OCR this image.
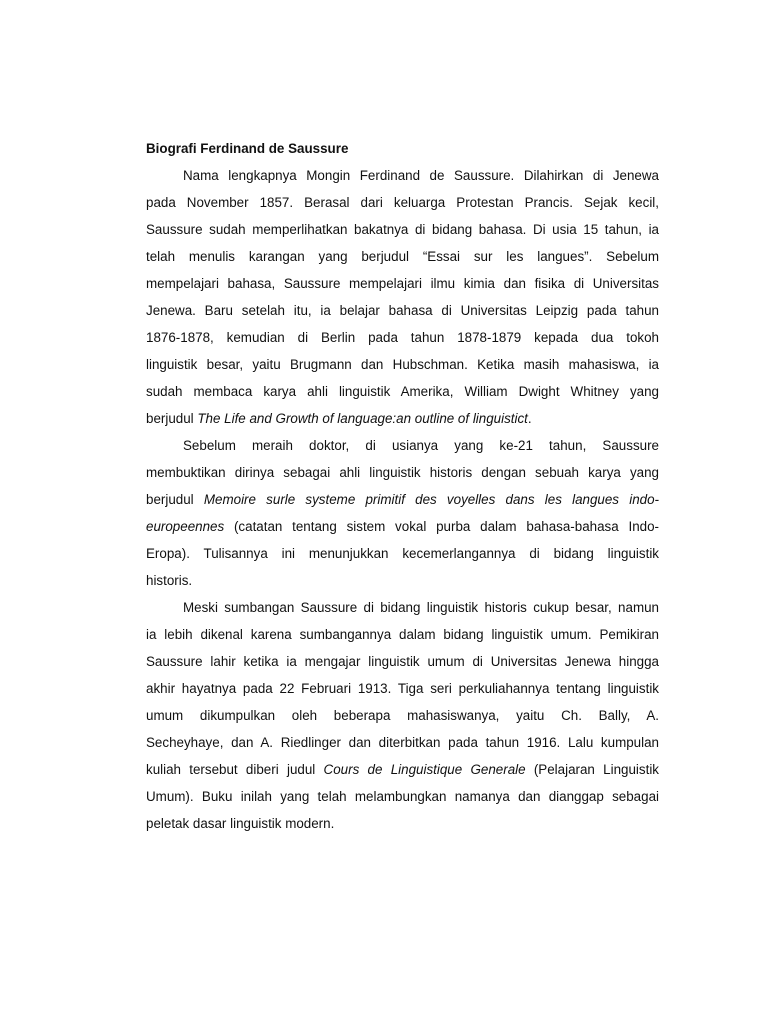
Biografi Ferdinand de Saussure
Nama lengkapnya Mongin Ferdinand de Saussure. Dilahirkan di Jenewa
pada November 1857. Berasal dari keluarga Protestan Prancis. Sejak kecil,
Saussure sudah memperlihatkan bakatnya di bidang bahasa. Di usia 15 tahun, ia
telah menulis karangan yang berjudul “Essai sur les langues”. Sebelum
mempelajari bahasa, Saussure mempelajari ilmu kimia dan fisika di Universitas
Jenewa. Baru setelah itu, ia belajar bahasa di Universitas Leipzig pada tahun
1876-1878, kemudian di Berlin pada tahun 1878-1879 kepada dua tokoh
linguistik besar, yaitu Brugmann dan Hubschman. Ketika masih mahasiswa, ia
sudah membaca karya ahli linguistik Amerika, William Dwight Whitney yang
berjudul The Life and Growth of language:an outline of linguistict.
Sebelum meraih doktor, di usianya yang ke-21 tahun, Saussure
membuktikan dirinya sebagai ahli linguistik historis dengan sebuah karya yang
berjudul Memoire surle systeme primitif des voyelles dans les langues indo-
europeennes (catatan tentang sistem vokal purba dalam bahasa-bahasa Indo-
Eropa). Tulisannya ini menunjukkan kecemerlangannya di bidang linguistik
historis.
Meski sumbangan Saussure di bidang linguistik historis cukup besar, namun
ia lebih dikenal karena sumbangannya dalam bidang linguistik umum. Pemikiran
Saussure lahir ketika ia mengajar linguistik umum di Universitas Jenewa hingga
akhir hayatnya pada 22 Februari 1913. Tiga seri perkuliahannya tentang linguistik
umum dikumpulkan oleh beberapa mahasiswanya, yaitu Ch. Bally, A.
Secheyhaye, dan A. Riedlinger dan diterbitkan pada tahun 1916. Lalu kumpulan
kuliah tersebut diberi judul Cours de Linguistique Generale (Pelajaran Linguistik
Umum). Buku inilah yang telah melambungkan namanya dan dianggap sebagai
peletak dasar linguistik modern.
